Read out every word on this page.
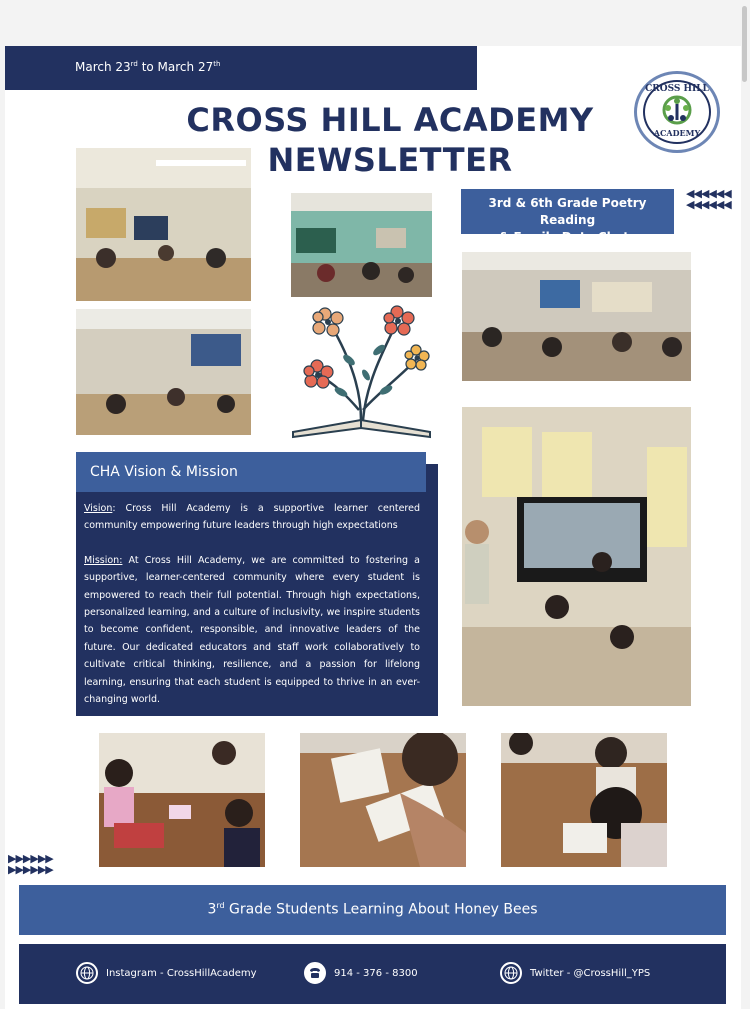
March 23rd to March 27th
CROSS HILL ACADEMY
NEWSLETTER
CROSS HILL
ACADEMY
3rd & 6th Grade Poetry Reading
& Family Data Chats
◀◀◀◀◀◀
◀◀◀◀◀◀
CHA Vision & Mission

Vision: Cross Hill Academy is a supportive learner centered community empowering future leaders through high expectations

Mission: At Cross Hill Academy, we are committed to fostering a supportive, learner-centered community where every student is empowered to reach their full potential. Through high expectations, personalized learning, and a culture of inclusivity, we inspire students to become confident, responsible, and innovative leaders of the future. Our dedicated educators and staff work collaboratively to cultivate critical thinking, resilience, and a passion for lifelong learning, ensuring that each student is equipped to thrive in an ever-changing world.

▶▶▶▶▶▶
▶▶▶▶▶▶
3rd Grade Students Learning About Honey Bees
Instagram - CrossHillAcademy	914 - 376 - 8300	Twitter - @CrossHill_YPS
